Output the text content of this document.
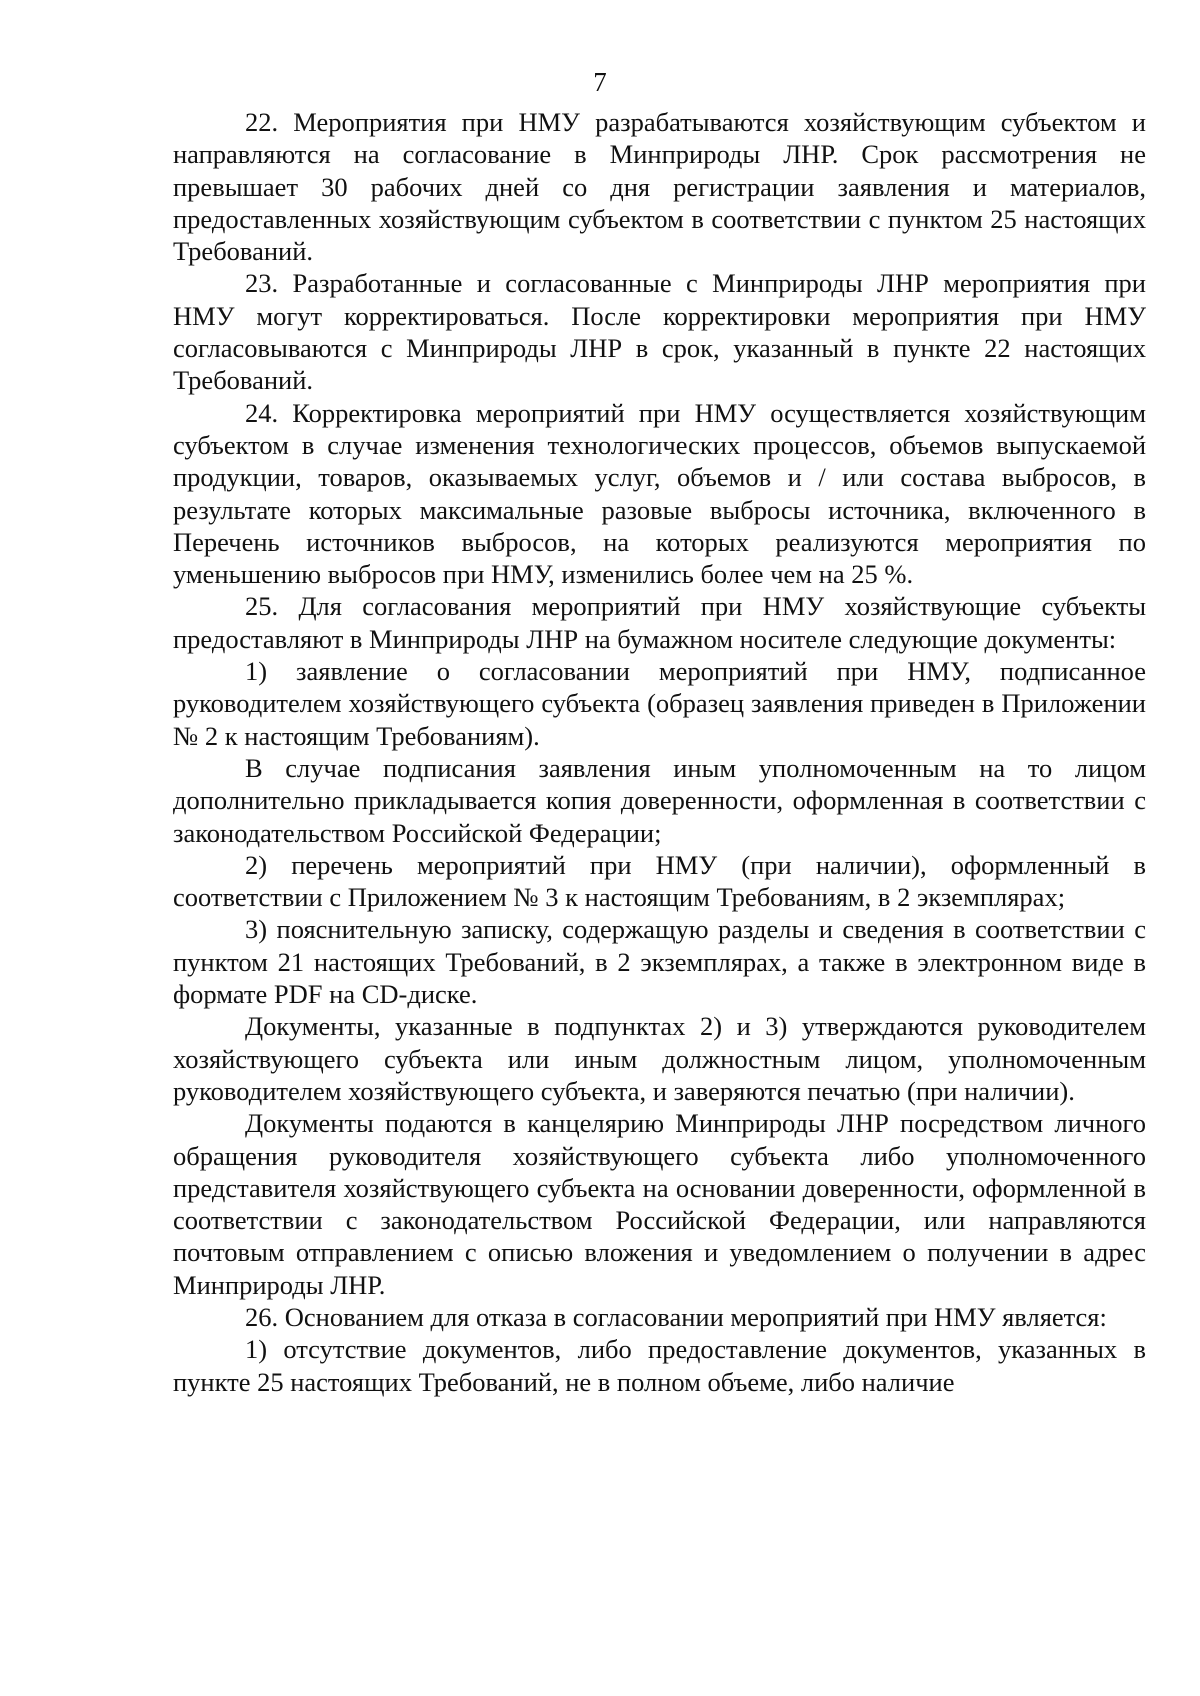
7

22. Мероприятия при НМУ разрабатываются хозяйствующим субъектом и направляются на согласование в Минприроды ЛНР. Срок рассмотрения не превышает 30 рабочих дней со дня регистрации заявления и материалов, предоставленных хозяйствующим субъектом в соответствии с пунктом 25 настоящих Требований.

23. Разработанные и согласованные с Минприроды ЛНР мероприятия при НМУ могут корректироваться. После корректировки мероприятия при НМУ согласовываются с Минприроды ЛНР в срок, указанный в пункте 22 настоящих Требований.

24. Корректировка мероприятий при НМУ осуществляется хозяйствующим субъектом в случае изменения технологических процессов, объемов выпускаемой продукции, товаров, оказываемых услуг, объемов и / или состава выбросов, в результате которых максимальные разовые выбросы источника, включенного в Перечень источников выбросов, на которых реализуются мероприятия по уменьшению выбросов при НМУ, изменились более чем на 25 %.

25. Для согласования мероприятий при НМУ хозяйствующие субъекты предоставляют в Минприроды ЛНР на бумажном носителе следующие документы:

1) заявление о согласовании мероприятий при НМУ, подписанное руководителем хозяйствующего субъекта (образец заявления приведен в Приложении № 2 к настоящим Требованиям).

В случае подписания заявления иным уполномоченным на то лицом дополнительно прикладывается копия доверенности, оформленная в соответствии с законодательством Российской Федерации;

2) перечень мероприятий при НМУ (при наличии), оформленный в соответствии с Приложением № 3 к настоящим Требованиям, в 2 экземплярах;

3) пояснительную записку, содержащую разделы и сведения в соответствии с пунктом 21 настоящих Требований, в 2 экземплярах, а также в электронном виде в формате PDF на CD-диске.

Документы, указанные в подпунктах 2) и 3) утверждаются руководителем хозяйствующего субъекта или иным должностным лицом, уполномоченным руководителем хозяйствующего субъекта, и заверяются печатью (при наличии).

Документы подаются в канцелярию Минприроды ЛНР посредством личного обращения руководителя хозяйствующего субъекта либо уполномоченного представителя хозяйствующего субъекта на основании доверенности, оформленной в соответствии с законодательством Российской Федерации, или направляются почтовым отправлением с описью вложения и уведомлением о получении в адрес Минприроды ЛНР.

26. Основанием для отказа в согласовании мероприятий при НМУ является:

1) отсутствие документов, либо предоставление документов, указанных в пункте 25 настоящих Требований, не в полном объеме, либо наличие
